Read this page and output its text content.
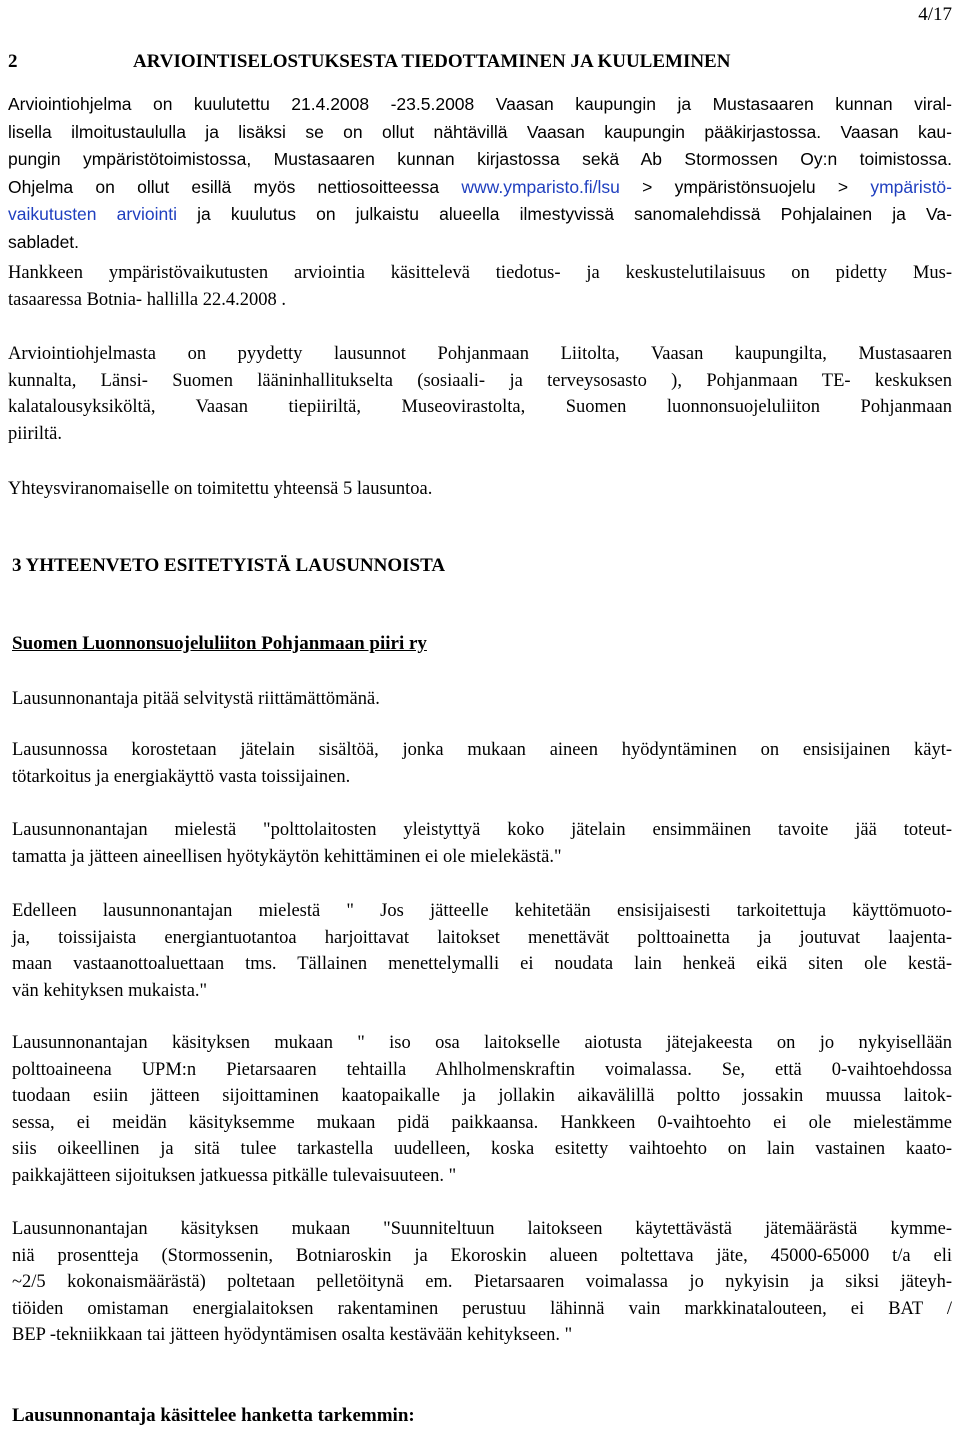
4/17
2	ARVIOINTISELOSTUKSESTA TIEDOTTAMINEN JA KUULEMINEN
Arviointiohjelma on kuulutettu 21.4.2008 -23.5.2008 Vaasan kaupungin ja Mustasaaren kunnan viral-
lisella ilmoitustaululla ja lisäksi se on ollut nähtävillä Vaasan kaupungin pääkirjastossa. Vaasan kau-
pungin ympäristötoimistossa, Mustasaaren kunnan kirjastossa sekä Ab Stormossen Oy:n toimistossa.
Ohjelma on ollut esillä myös nettiosoitteessa www.ymparisto.fi/lsu > ympäristönsuojelu > ympäristö-
vaikutusten arviointi ja kuulutus on julkaistu alueella ilmestyvissä sanomalehdissä Pohjalainen ja Va-
sabladet.
Hankkeen ympäristövaikutusten arviointia käsittelevä tiedotus- ja keskustelutilaisuus on pidetty Mus-
tasaaressa Botnia- hallilla 22.4.2008 .
Arviointiohjelmasta on pyydetty lausunnot Pohjanmaan Liitolta, Vaasan kaupungilta, Mustasaaren
kunnalta, Länsi- Suomen lääninhallitukselta (sosiaali- ja terveysosasto ), Pohjanmaan TE- keskuksen
kalatalousyksiköltä, Vaasan tiepiiriltä, Museovirastolta, Suomen luonnonsuojeluliiton Pohjanmaan
piiriltä.
Yhteysviranomaiselle on toimitettu yhteensä 5 lausuntoa.
3 YHTEENVETO ESITETYISTÄ LAUSUNNOISTA
Suomen Luonnonsuojeluliiton Pohjanmaan piiri ry
Lausunnonantaja pitää selvitystä riittämättömänä.
Lausunnossa korostetaan jätelain sisältöä, jonka mukaan aineen hyödyntäminen on ensisijainen käyt-
tötarkoitus ja energiakäyttö vasta toissijainen.
Lausunnonantajan mielestä "polttolaitosten yleistyttyä koko jätelain ensimmäinen tavoite jää toteut-
tamatta ja jätteen aineellisen hyötykäytön kehittäminen ei ole mielekästä."
Edelleen lausunnonantajan mielestä " Jos jätteelle kehitetään ensisijaisesti tarkoitettuja käyttömuoto-
ja, toissijaista energiantuotantoa harjoittavat laitokset menettävät polttoainetta ja joutuvat laajenta-
maan vastaanottoaluettaan tms. Tällainen menettelymalli ei noudata lain henkeä eikä siten ole kestä-
vän kehityksen mukaista."
Lausunnonantajan käsityksen mukaan " iso osa laitokselle aiotusta jätejakeesta on jo nykyisellään
polttoaineena UPM:n Pietarsaaren tehtailla Ahlholmenskraftin voimalassa. Se, että 0-vaihtoehdossa
tuodaan esiin jätteen sijoittaminen kaatopaikalle ja jollakin aikavälillä poltto jossakin muussa laitok-
sessa, ei meidän käsityksemme mukaan pidä paikkaansa. Hankkeen 0-vaihtoehto ei ole mielestämme
siis oikeellinen ja sitä tulee tarkastella uudelleen, koska esitetty vaihtoehto on lain vastainen kaato-
paikkajätteen sijoituksen jatkuessa pitkälle tulevaisuuteen. "
Lausunnonantajan käsityksen mukaan "Suunniteltuun laitokseen käytettävästä jätemäärästä kymme-
niä prosentteja (Stormossenin, Botniaroskin ja Ekoroskin alueen poltettava jäte, 45000-65000 t/a eli
~2/5 kokonaismäärästä) poltetaan pelletöitynä em. Pietarsaaren voimalassa jo nykyisin ja siksi jäteyh-
tiöiden omistaman energialaitoksen rakentaminen perustuu lähinnä vain markkinatalouteen, ei BAT /
BEP -tekniikkaan tai jätteen hyödyntämisen osalta kestävään kehitykseen. "
Lausunnonantaja käsittelee hanketta tarkemmin:
